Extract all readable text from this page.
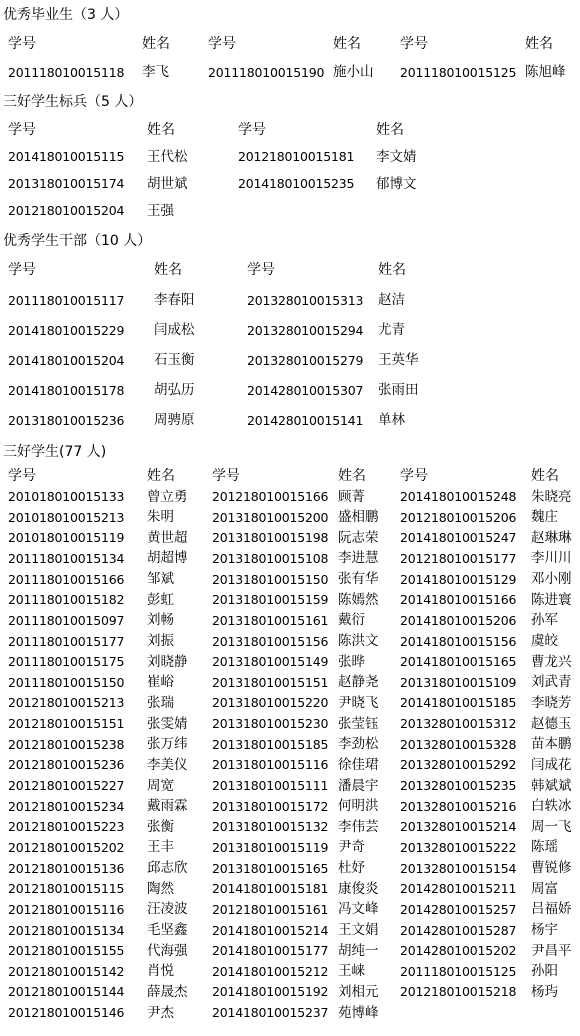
优秀毕业生（3 人）
学号	姓名	学号	姓名	学号	姓名
201118010015118	李飞	201118010015190 施小山	201118010015125 陈旭峰
三好学生标兵（5 人）
学号	姓名	学号	姓名
201418010015115	王代松	201218010015181	李文婧
201318010015174	胡世斌	201418010015235	郁博文
201218010015204	王强
优秀学生干部（10 人）
学号	姓名	学号	姓名
201118010015117	李春阳	201328010015313	赵洁
201418010015229	闫成松	201328010015294	尤青
201418010015204	石玉衡	201328010015279	王英华
201418010015178	胡弘历	201428010015307	张雨田
201318010015236	周骋原	201428010015141	单林
三好学生(77 人)
学号	姓名	学号	姓名	学号	姓名
201018010015133	曾立勇	201218010015166 顾菁	201418010015248	朱晓亮
201018010015213	朱明	201318010015200 盛相鹏	201218010015206	魏庄
201018010015119	黄世超	201318010015198 阮志荣	201418010015247	赵琳琳
201118010015134	胡超博	201318010015108 李进慧	201218010015177	李川川
201118010015166	邹斌	201318010015150 张有华	201418010015129	邓小刚
201118010015182	彭虹	201318010015159 陈嫣然	201418010015166	陈进寰
201118010015097	刘畅	201318010015161 戴衍	201418010015206	孙军
201118010015177	刘振	201318010015156 陈洪文	201418010015156	虞皎
201118010015175	刘晓静	201318010015149 张晔	201418010015165	曹龙兴
201118010015150	崔峪	201318010015151 赵静尧	201318010015109	刘武青
201218010015213	张瑞	201318010015220 尹晓飞	201418010015185	李晓芳
201218010015151	张雯婧	201318010015230 张莹钰	201328010015312	赵德玉
201218010015238	张万纬	201318010015185 李劲松	201328010015328	苗本鹏
201218010015236	李美仪	201318010015116 徐佳珺	201328010015292	闫成花
201218010015227	周宽	201318010015111 潘晨宇	201328010015235	韩斌斌
201218010015234	戴雨霖	201318010015172 何明洪	201328010015216	白轶冰
201218010015223	张衡	201318010015132 李伟芸	201328010015214	周一飞
201218010015202	王丰	201318010015119 尹奇	201328010015222	陈瑶
201218010015136	邱志欣	201318010015165 杜妤	201328010015154	曹锐修
201218010015115	陶然	201418010015181 康俊炎	201428010015211	周富
201218010015116	汪凌波	201218010015161 冯文峰	201428010015257	吕福娇
201218010015134	毛坚鑫	201418010015214 王文娟	201428010015287	杨宇
201218010015155	代海强	201418010015177 胡纯一	201428010015202	尹昌平
201218010015142	肖悦	201418010015212 王崃	201118010015125	孙阳
201218010015144	薛晟杰	201418010015192 刘相元	201218010015218	杨玙
201218010015146	尹杰	201418010015237 苑博峰
